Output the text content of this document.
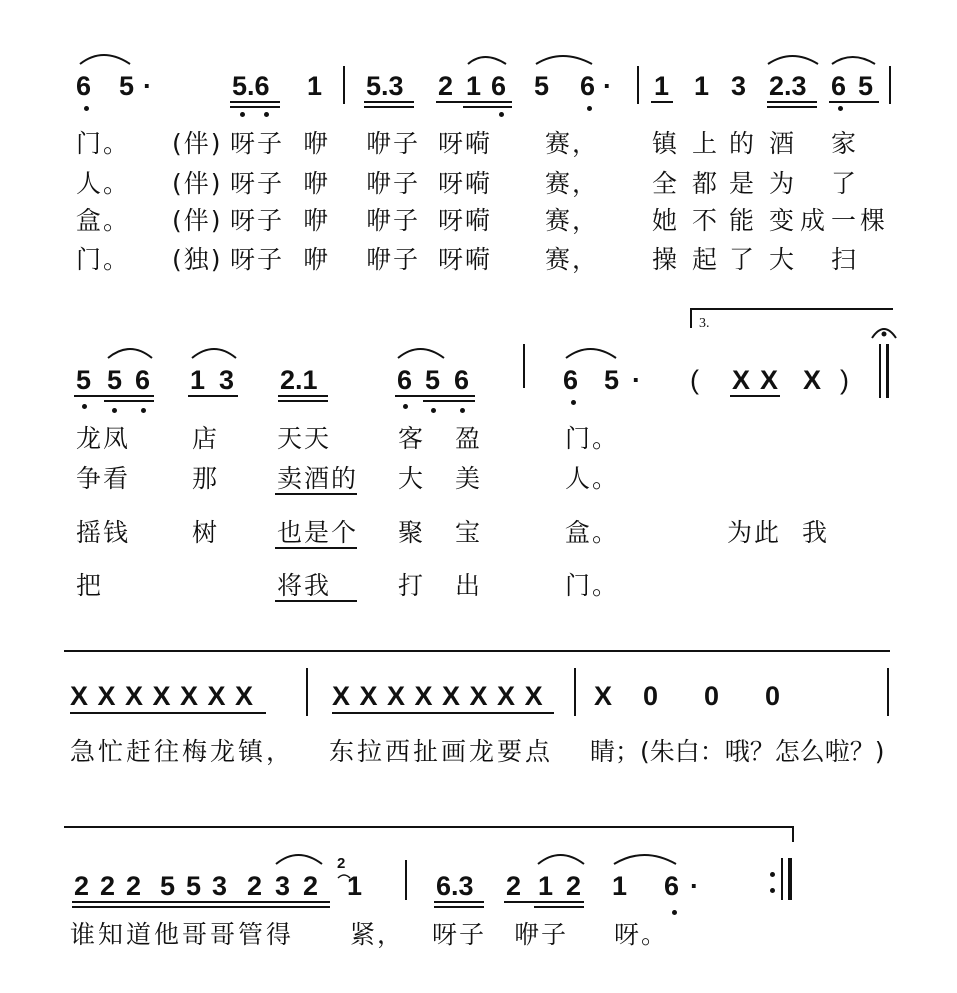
6 5 ·	5.6 1 5.3 2 1 6 5 6 · 1 1 3 2.3 6 5
门。 (伴) 呀子 咿 咿子 呀嗬 赛， 镇 上 的 酒 家
人。 (伴) 呀子 咿 咿子 呀嗬 赛， 全 都 是 为 了
盒。 (伴) 呀子 咿 咿子 呀嗬 赛， 她 不 能 变 成 一 棵
门。 (独) 呀子 咿 咿子 呀嗬 赛， 操 起 了 大 扫
3.
5 5 6 1 3 2.1	6 5 6	6 5 · ( X X X )
龙凤 店 天天	客 盈	门。
争看 那 卖酒的 大 美	人。
摇钱 树 也是个 聚 宝	盒。	为此 我
把	将我	打 出	门。
X X X X X X X	X X X X X X X X X 0 0 0
急忙赶往梅龙镇， 东拉西扯画龙要点 睛；(朱白：哦？怎么啦？)
2 2 2 5 5 3 2 3 2
2
1	6.3 2 1 2 1 6 ·
谁知道他哥哥管得 紧， 呀子 咿子 呀。
